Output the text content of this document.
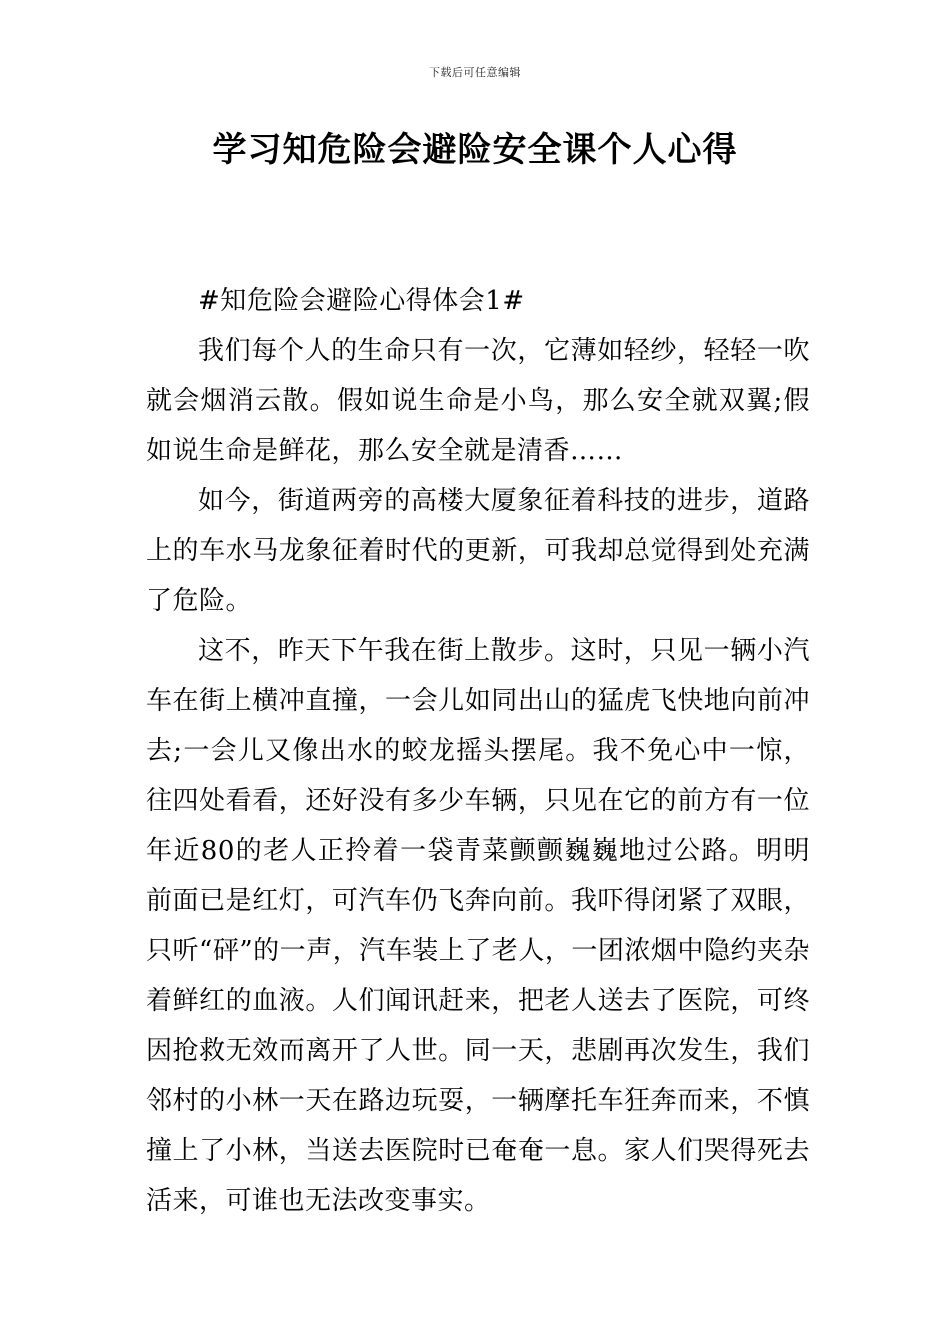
下载后可任意编辑
学习知危险会避险安全课个人心得

#知危险会避险心得体会1#

我们每个人的生命只有一次，它薄如轻纱，轻轻一吹就会烟消云散。假如说生命是小鸟，那么安全就双翼;假如说生命是鲜花，那么安全就是清香……

如今，街道两旁的高楼大厦象征着科技的进步，道路上的车水马龙象征着时代的更新，可我却总觉得到处充满了危险。

这不，昨天下午我在街上散步。这时，只见一辆小汽车在街上横冲直撞，一会儿如同出山的猛虎飞快地向前冲去;一会儿又像出水的蛟龙摇头摆尾。我不免心中一惊，往四处看看，还好没有多少车辆，只见在它的前方有一位年近80的老人正拎着一袋青菜颤颤巍巍地过公路。明明前面已是红灯，可汽车仍飞奔向前。我吓得闭紧了双眼，只听“砰”的一声，汽车装上了老人，一团浓烟中隐约夹杂着鲜红的血液。人们闻讯赶来，把老人送去了医院，可终因抢救无效而离开了人世。同一天，悲剧再次发生，我们邻村的小林一天在路边玩耍，一辆摩托车狂奔而来，不慎撞上了小林，当送去医院时已奄奄一息。家人们哭得死去活来，可谁也无法改变事实。
